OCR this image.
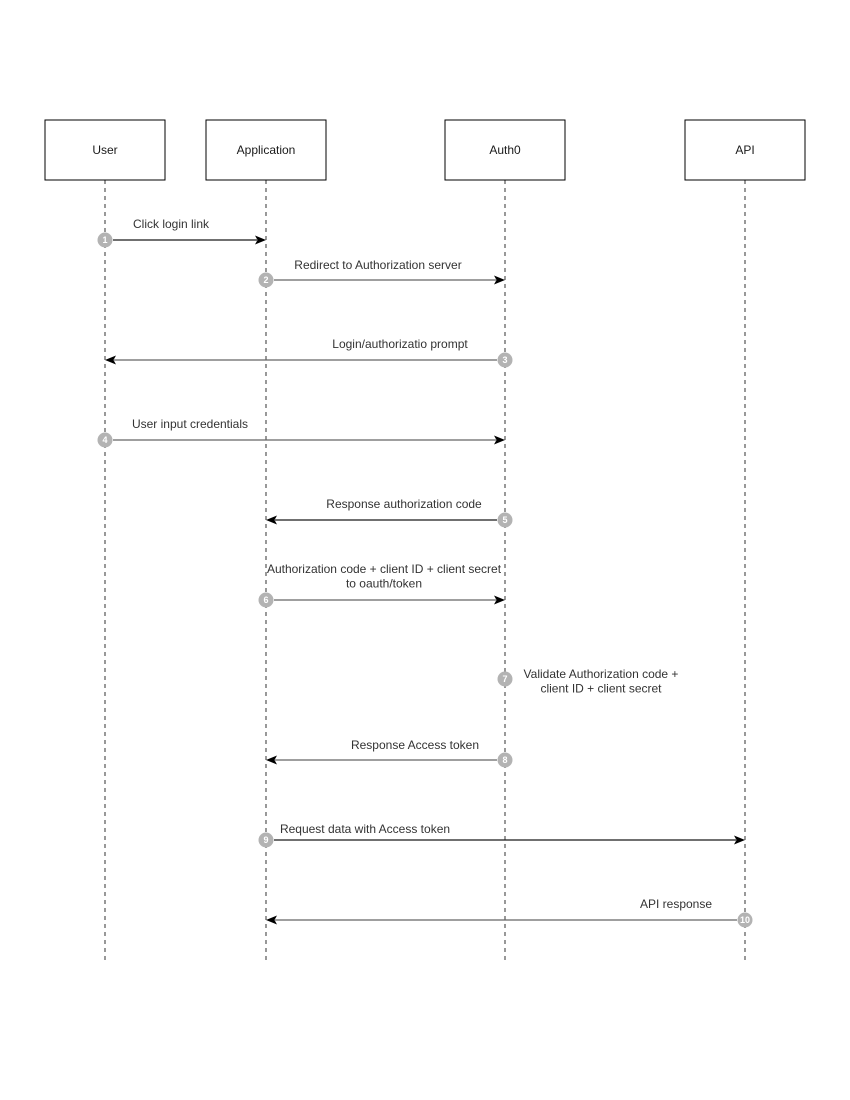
User	Application	Auth0	API
Click login link
1
Redirect to Authorization server
2
Login/authorizatio prompt
3
User input credentials
4
Response authorization code
5
Authorization code + client ID + client secret
to oauth/token
6
Validate Authorization code +
client ID + client secret
7
Response Access token
8
Request data with Access token
9
API response
10
